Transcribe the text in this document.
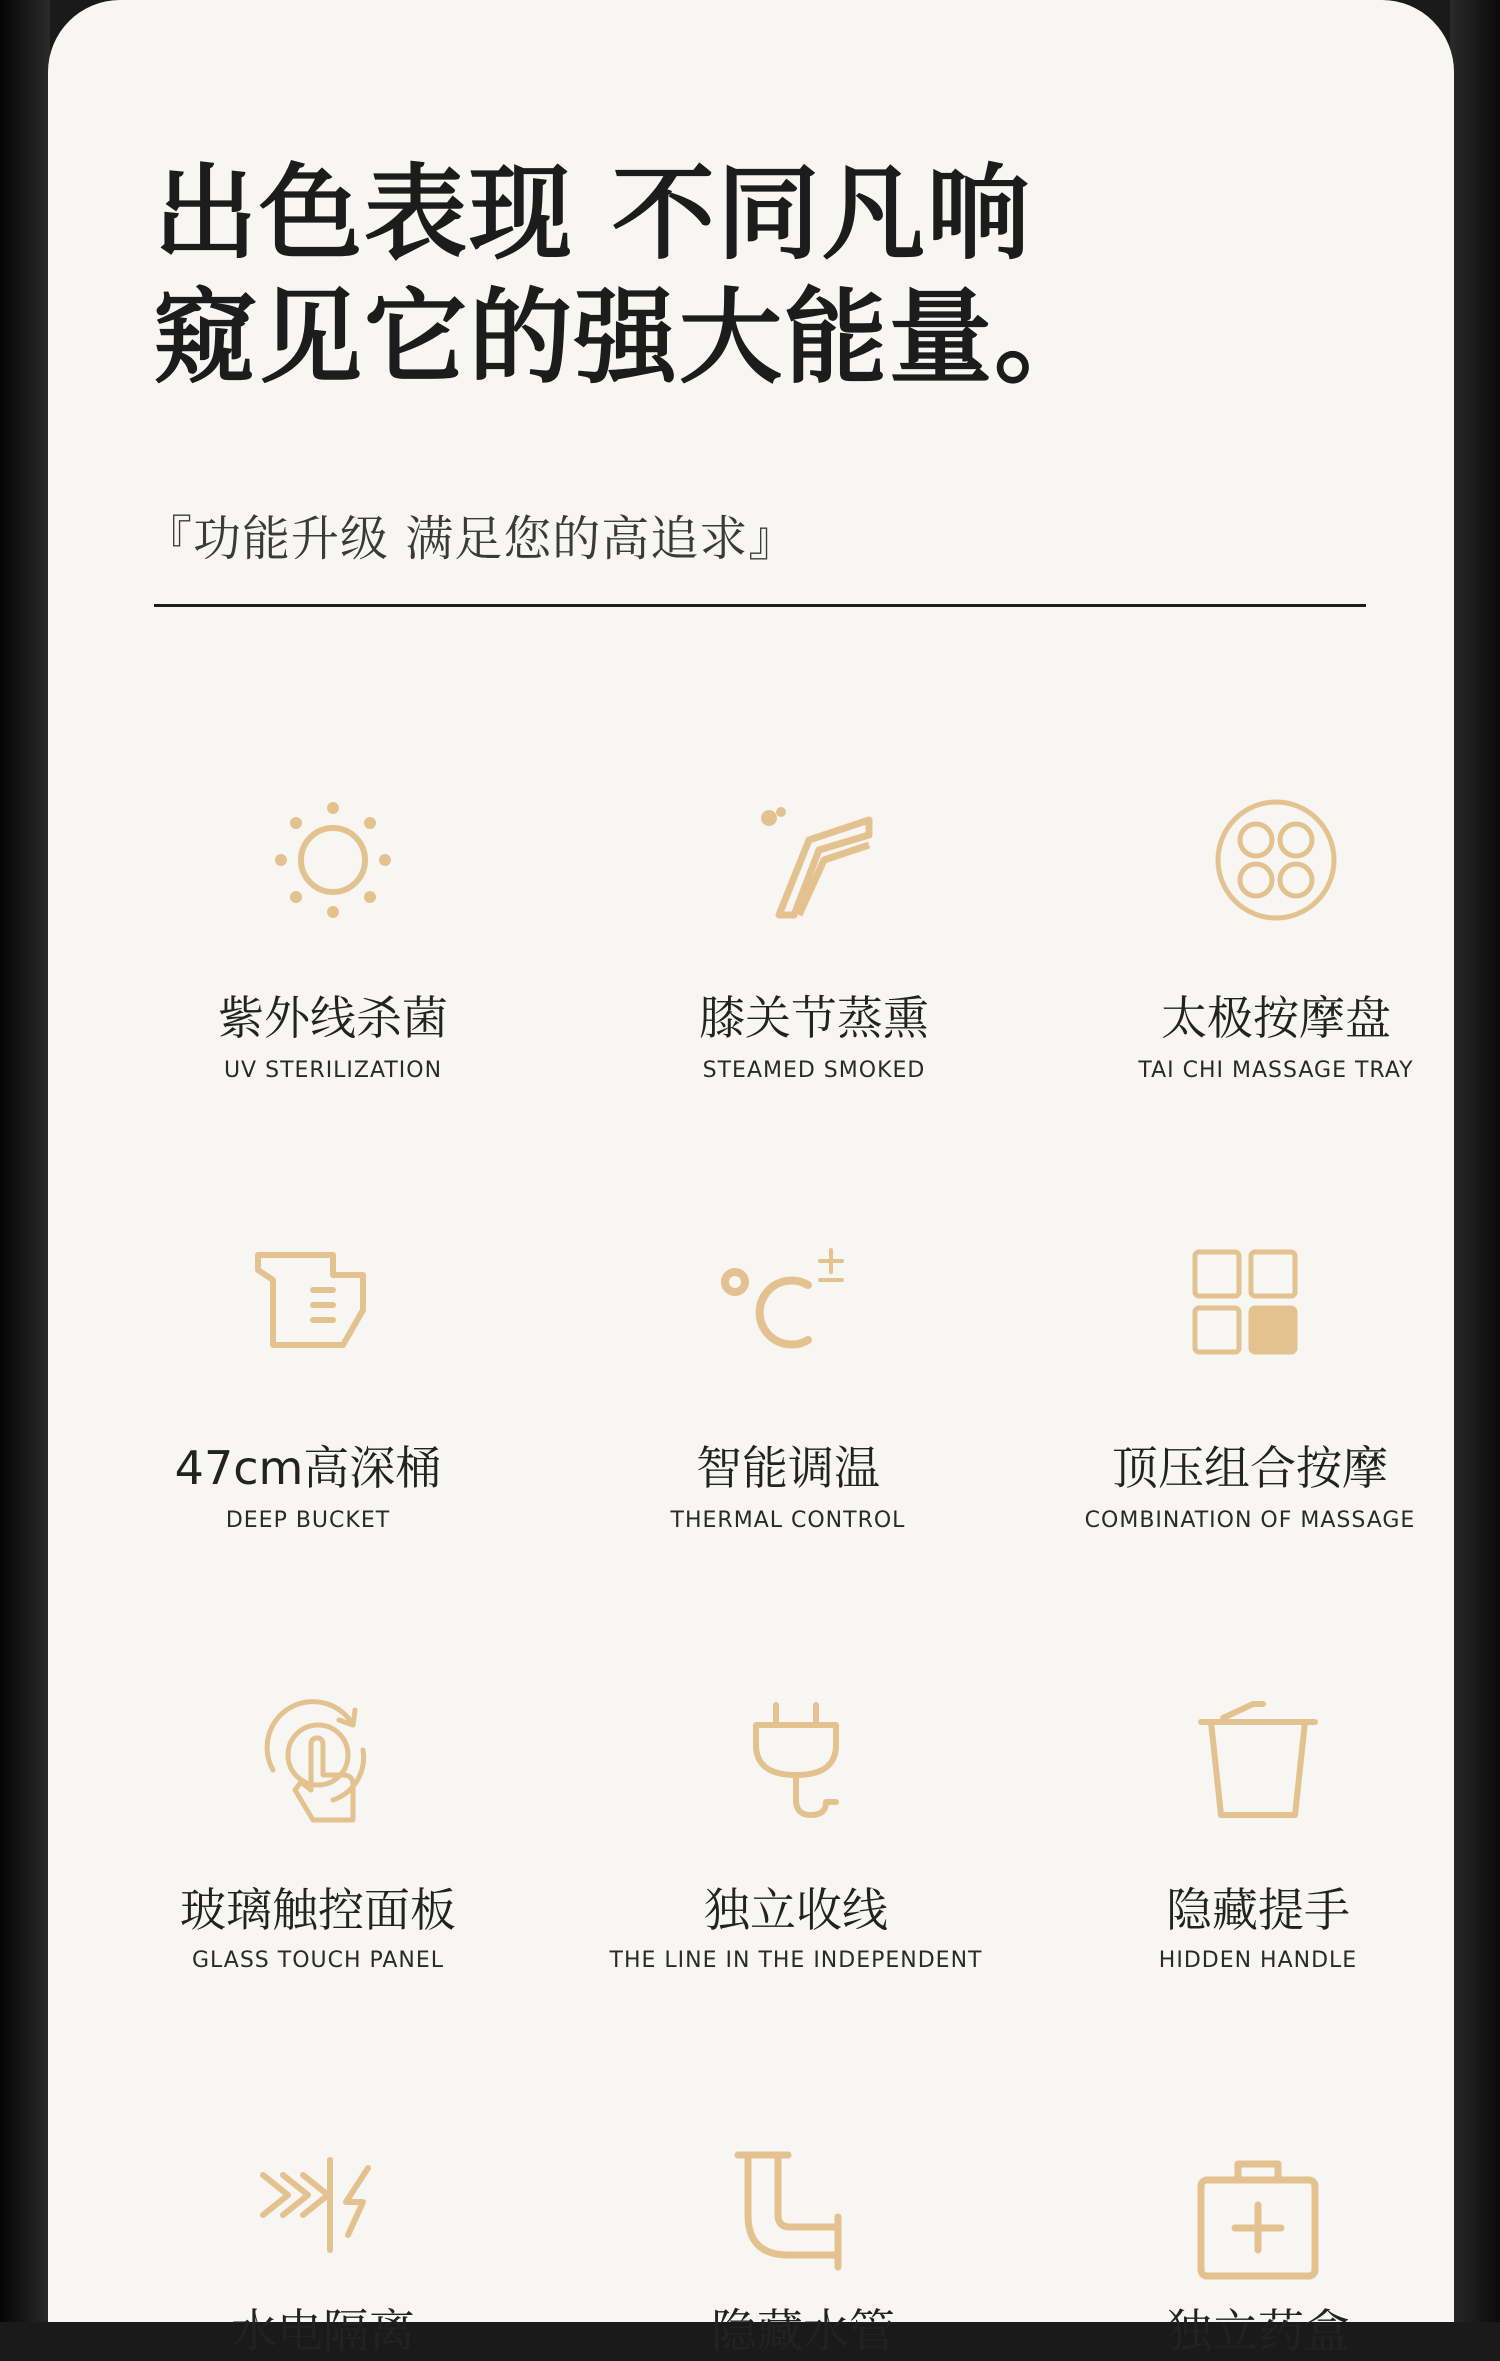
出色表现 不同凡响
窥见它的强大能量。
『功能升级 满足您的高追求』
紫外线杀菌
UV STERILIZATION
膝关节蒸熏
STEAMED SMOKED
太极按摩盘
TAI CHI MASSAGE TRAY
47cm高深桶
DEEP BUCKET
智能调温
THERMAL CONTROL
顶压组合按摩
COMBINATION OF MASSAGE
玻璃触控面板
GLASS TOUCH PANEL
独立收线
THE LINE IN THE INDEPENDENT
隐藏提手
HIDDEN HANDLE
水电隔离	隐藏水管	独立药盒
